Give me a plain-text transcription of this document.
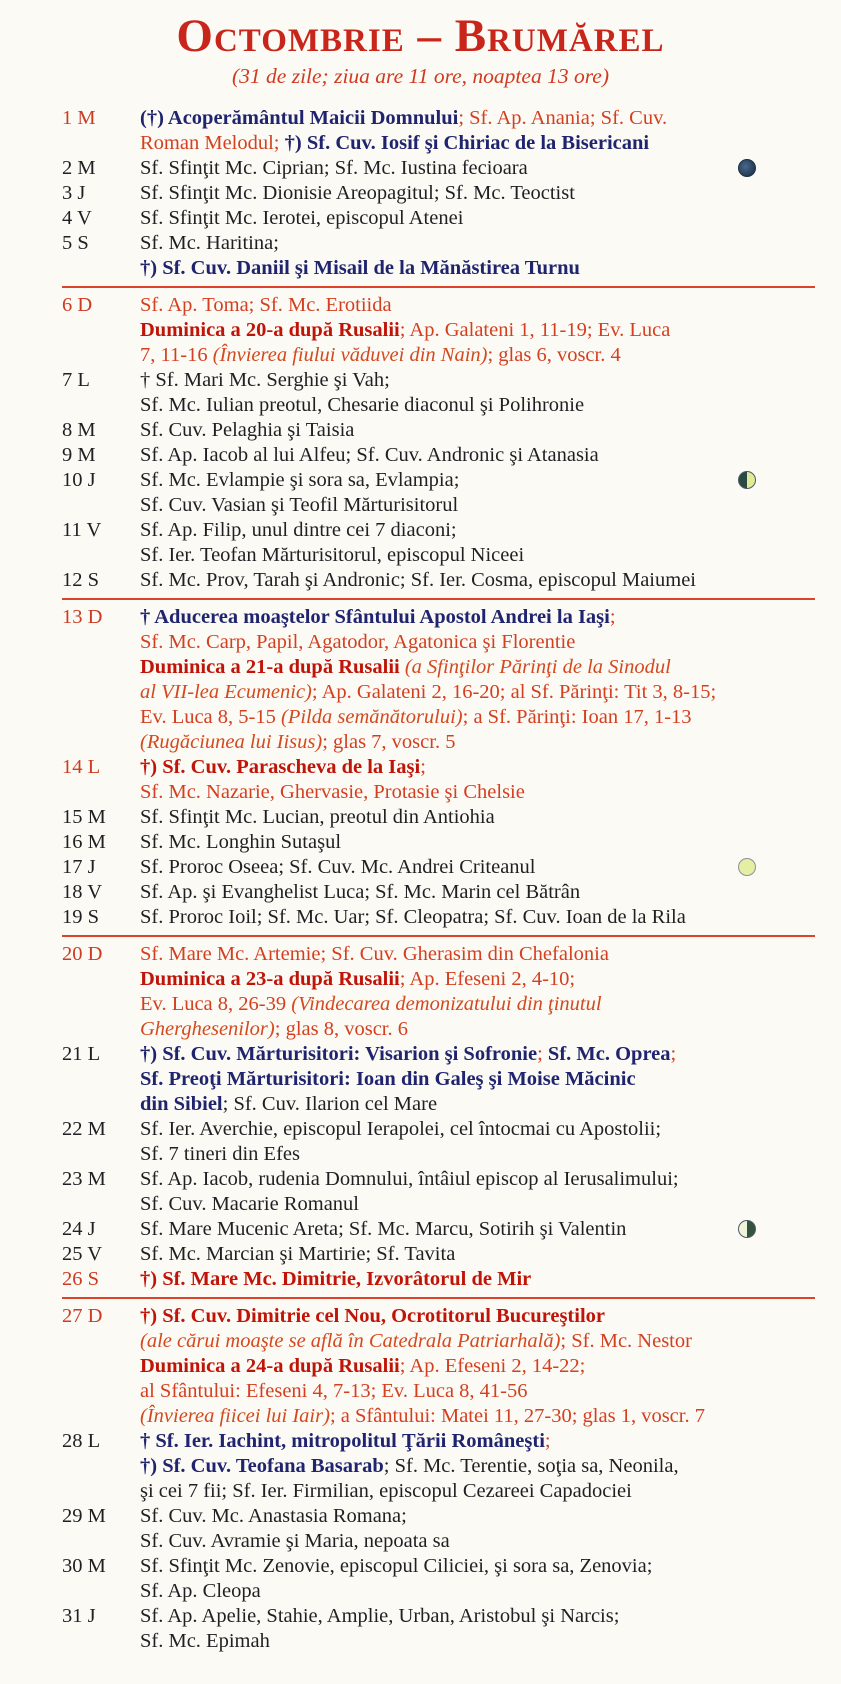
Octombrie – Brumărel
(31 de zile; ziua are 11 ore, noaptea 13 ore)
1 M	(†) Acoperământul Maicii Domnului; Sf. Ap. Anania; Sf. Cuv.
Roman Melodul; †) Sf. Cuv. Iosif şi Chiriac de la Bisericani
2 M	Sf. Sfinţit Mc. Ciprian; Sf. Mc. Iustina fecioara
3 J	Sf. Sfinţit Mc. Dionisie Areopagitul; Sf. Mc. Teoctist
4 V	Sf. Sfinţit Mc. Ierotei, episcopul Atenei
5 S	Sf. Mc. Haritina;
†) Sf. Cuv. Daniil şi Misail de la Mănăstirea Turnu
6 D	Sf. Ap. Toma; Sf. Mc. Erotiida
Duminica a 20-a după Rusalii; Ap. Galateni 1, 11-19; Ev. Luca
7, 11-16 (Învierea fiului văduvei din Nain); glas 6, voscr. 4
7 L	† Sf. Mari Mc. Serghie şi Vah;
Sf. Mc. Iulian preotul, Chesarie diaconul şi Polihronie
8 M	Sf. Cuv. Pelaghia şi Taisia
9 M	Sf. Ap. Iacob al lui Alfeu; Sf. Cuv. Andronic şi Atanasia
10 J	Sf. Mc. Evlampie şi sora sa, Evlampia;
Sf. Cuv. Vasian şi Teofil Mărturisitorul
11 V	Sf. Ap. Filip, unul dintre cei 7 diaconi;
Sf. Ier. Teofan Mărturisitorul, episcopul Niceei
12 S	Sf. Mc. Prov, Tarah şi Andronic; Sf. Ier. Cosma, episcopul Maiumei
13 D	† Aducerea moaştelor Sfântului Apostol Andrei la Iaşi;
Sf. Mc. Carp, Papil, Agatodor, Agatonica şi Florentie
Duminica a 21-a după Rusalii (a Sfinţilor Părinţi de la Sinodul
al VII-lea Ecumenic); Ap. Galateni 2, 16-20; al Sf. Părinţi: Tit 3, 8-15;
Ev. Luca 8, 5-15 (Pilda semănătorului); a Sf. Părinţi: Ioan 17, 1-13
(Rugăciunea lui Iisus); glas 7, voscr. 5
14 L	†) Sf. Cuv. Parascheva de la Iaşi;
Sf. Mc. Nazarie, Ghervasie, Protasie şi Chelsie
15 M	Sf. Sfinţit Mc. Lucian, preotul din Antiohia
16 M	Sf. Mc. Longhin Sutaşul
17 J	Sf. Proroc Oseea; Sf. Cuv. Mc. Andrei Criteanul
18 V	Sf. Ap. şi Evanghelist Luca; Sf. Mc. Marin cel Bătrân
19 S	Sf. Proroc Ioil; Sf. Mc. Uar; Sf. Cleopatra; Sf. Cuv. Ioan de la Rila
20 D	Sf. Mare Mc. Artemie; Sf. Cuv. Gherasim din Chefalonia
Duminica a 23-a după Rusalii; Ap. Efeseni 2, 4-10;
Ev. Luca 8, 26-39 (Vindecarea demonizatului din ţinutul
Gherghesenilor); glas 8, voscr. 6
21 L	†) Sf. Cuv. Mărturisitori: Visarion şi Sofronie; Sf. Mc. Oprea;
Sf. Preoţi Mărturisitori: Ioan din Galeş şi Moise Măcinic
din Sibiel; Sf. Cuv. Ilarion cel Mare
22 M	Sf. Ier. Averchie, episcopul Ierapolei, cel întocmai cu Apostolii;
Sf. 7 tineri din Efes
23 M	Sf. Ap. Iacob, rudenia Domnului, întâiul episcop al Ierusalimului;
Sf. Cuv. Macarie Romanul
24 J	Sf. Mare Mucenic Areta; Sf. Mc. Marcu, Sotirih şi Valentin
25 V	Sf. Mc. Marcian şi Martirie; Sf. Tavita
26 S	†) Sf. Mare Mc. Dimitrie, Izvorâtorul de Mir
27 D	†) Sf. Cuv. Dimitrie cel Nou, Ocrotitorul Bucureştilor
(ale cărui moaşte se află în Catedrala Patriarhală); Sf. Mc. Nestor
Duminica a 24-a după Rusalii; Ap. Efeseni 2, 14-22;
al Sfântului: Efeseni 4, 7-13; Ev. Luca 8, 41-56
(Învierea fiicei lui Iair); a Sfântului: Matei 11, 27-30; glas 1, voscr. 7
28 L	† Sf. Ier. Iachint, mitropolitul Ţării Româneşti;
†) Sf. Cuv. Teofana Basarab; Sf. Mc. Terentie, soţia sa, Neonila,
şi cei 7 fii; Sf. Ier. Firmilian, episcopul Cezareei Capadociei
29 M	Sf. Cuv. Mc. Anastasia Romana;
Sf. Cuv. Avramie şi Maria, nepoata sa
30 M	Sf. Sfinţit Mc. Zenovie, episcopul Ciliciei, şi sora sa, Zenovia;
Sf. Ap. Cleopa
31 J	Sf. Ap. Apelie, Stahie, Amplie, Urban, Aristobul şi Narcis;
Sf. Mc. Epimah
